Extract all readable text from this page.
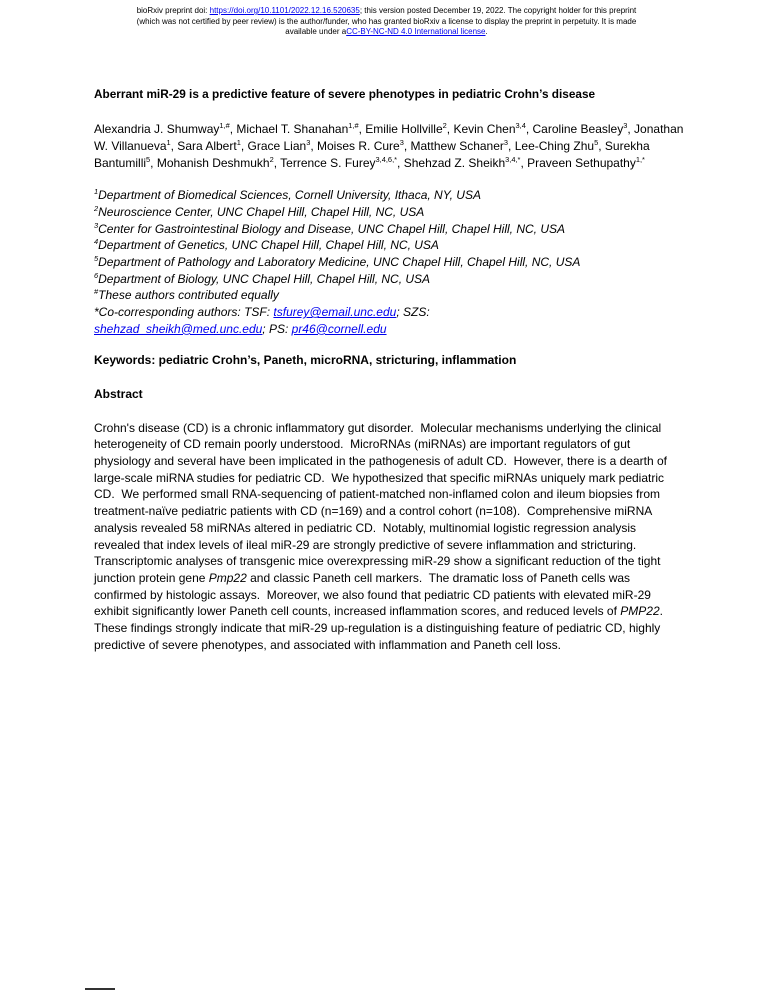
bioRxiv preprint doi: https://doi.org/10.1101/2022.12.16.520635; this version posted December 19, 2022. The copyright holder for this preprint
(which was not certified by peer review) is the author/funder, who has granted bioRxiv a license to display the preprint in perpetuity. It is made
available under aCC-BY-NC-ND 4.0 International license.
Aberrant miR-29 is a predictive feature of severe phenotypes in pediatric Crohn’s disease
Alexandria J. Shumway$^{1,\#}$, Michael T. Shanahan$^{1,\#}$, Emilie Hollville$^2$, Kevin Chen$^{3,4}$, Caroline Beasley$^3$, Jonathan W. Villanueva$^1$, Sara Albert$^1$, Grace Lian$^3$, Moises R. Cure$^3$, Matthew Schaner$^3$, Lee-Ching Zhu$^5$, Surekha Bantumilli$^5$, Mohanish Deshmukh$^2$, Terrence S. Furey$^{3,4,6,*}$, Shehzad Z. Sheikh$^{3,4,*}$, Praveen Sethupathy$^{1,*}$
$^1$Department of Biomedical Sciences, Cornell University, Ithaca, NY, USA
$^2$Neuroscience Center, UNC Chapel Hill, Chapel Hill, NC, USA
$^3$Center for Gastrointestinal Biology and Disease, UNC Chapel Hill, Chapel Hill, NC, USA
$^4$Department of Genetics, UNC Chapel Hill, Chapel Hill, NC, USA
$^5$Department of Pathology and Laboratory Medicine, UNC Chapel Hill, Chapel Hill, NC, USA
$^6$Department of Biology, UNC Chapel Hill, Chapel Hill, NC, USA
#These authors contributed equally
*Co-corresponding authors: TSF: tsfurey@email.unc.edu; SZS:
shehzad_sheikh@med.unc.edu; PS: pr46@cornell.edu
Keywords: pediatric Crohn’s, Paneth, microRNA, stricturing, inflammation
Abstract
Crohn's disease (CD) is a chronic inflammatory gut disorder.  Molecular mechanisms underlying the clinical heterogeneity of CD remain poorly understood.  MicroRNAs (miRNAs) are important regulators of gut physiology and several have been implicated in the pathogenesis of adult CD.  However, there is a dearth of large-scale miRNA studies for pediatric CD.  We hypothesized that specific miRNAs uniquely mark pediatric CD.  We performed small RNA-sequencing of patient-matched non-inflamed colon and ileum biopsies from treatment-naïve pediatric patients with CD (n=169) and a control cohort (n=108).  Comprehensive miRNA analysis revealed 58 miRNAs altered in pediatric CD.  Notably, multinomial logistic regression analysis revealed that index levels of ileal miR-29 are strongly predictive of severe inflammation and stricturing.  Transcriptomic analyses of transgenic mice overexpressing miR-29 show a significant reduction of the tight junction protein gene Pmp22 and classic Paneth cell markers.  The dramatic loss of Paneth cells was confirmed by histologic assays.  Moreover, we also found that pediatric CD patients with elevated miR-29 exhibit significantly lower Paneth cell counts, increased inflammation scores, and reduced levels of PMP22.  These findings strongly indicate that miR-29 up-regulation is a distinguishing feature of pediatric CD, highly predictive of severe phenotypes, and associated with inflammation and Paneth cell loss.
